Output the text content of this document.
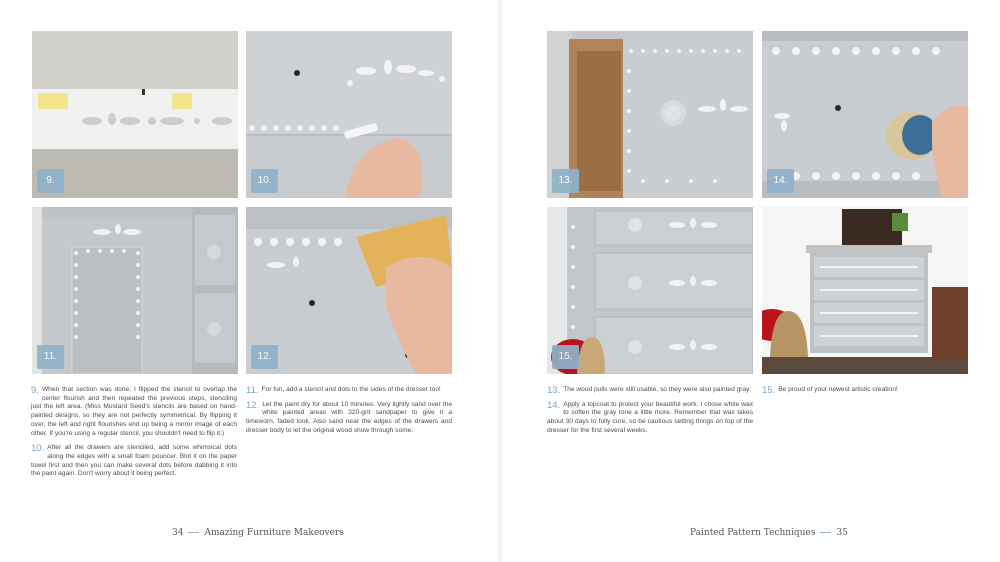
9.	10.
11.	12.
9. When that section was done, I flipped the stencil to overlap the center flourish and then repeated the previous steps, stenciling just the left area. (Miss Mustard Seed's stencils are based on hand-painted designs, so they are not perfectly symmetrical. By flipping it over, the left and right flourishes end up being a mirror image of each other. If you're using a regular stencil, you shouldn't need to flip it.)
10. After all the drawers are stenciled, add some whimsical dots along the edges with a small foam pouncer. Blot it on the paper towel first and then you can make several dots before dabbing it into the paint again. Don't worry about it being perfect.
11. For fun, add a stencil and dots to the sides of the dresser too!
12. Let the paint dry for about 10 minutes. Very lightly sand over the white painted areas with 320-grit sandpaper to give it a timeworn, faded look. Also sand near the edges of the drawers and dresser body to let the original wood show through some.
34 Amazing Furniture Makeovers
13.	14.
15.
13. The wood pulls were still usable, so they were also painted gray.
14. Apply a topcoat to protect your beautiful work. I chose white wax to soften the gray tone a little more. Remember that wax takes about 30 days to fully cure, so be cautious setting things on top of the dresser for the first several weeks.
15. Be proud of your newest artistic creation!
Painted Pattern Techniques 35
